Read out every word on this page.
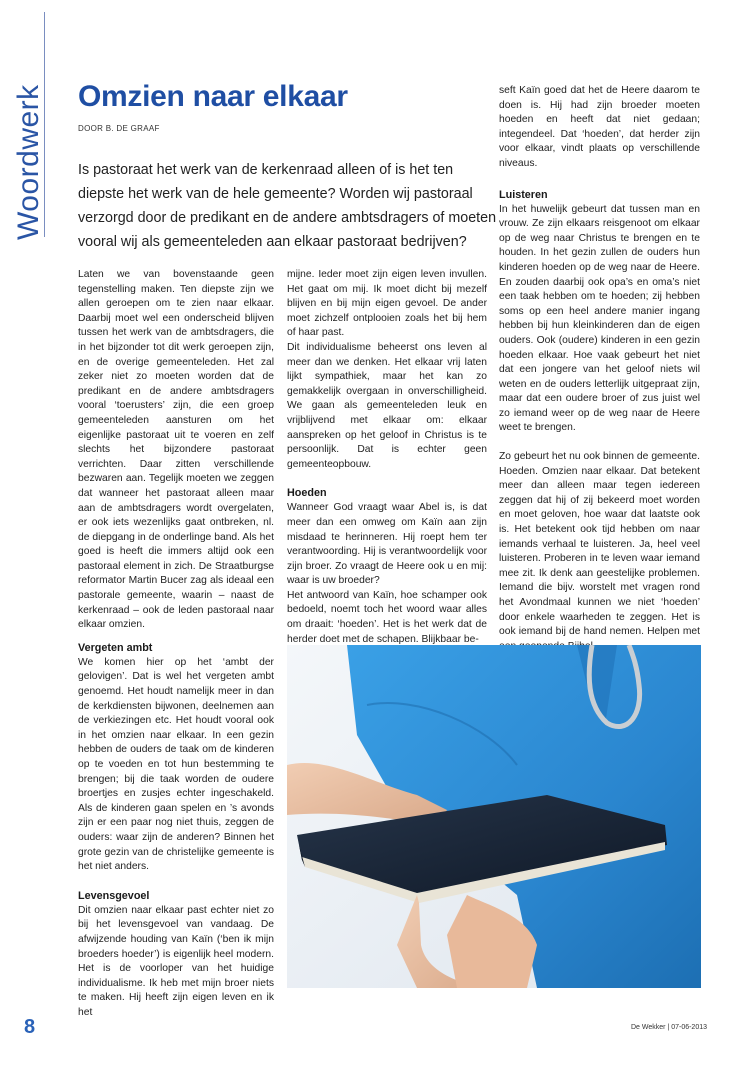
Woordwerk Omzien naar elkaar
DOOR B. DE GRAAF

Is pastoraat het werk van de kerkenraad alleen of is het ten diepste het werk van de hele gemeente? Worden wij pastoraal verzorgd door de predikant en de andere ambtsdragers of moeten vooral wij als gemeenteleden aan elkaar pastoraat bedrijven?

Laten we van bovenstaande geen tegenstelling maken. Ten diepste zijn we allen geroepen om te zien naar elkaar. Daarbij moet wel een onderscheid blijven tussen het werk van de ambtsdragers, die in het bijzonder tot dit werk geroepen zijn, en de overige gemeenteleden. Het zal zeker niet zo moeten worden dat de predikant en de andere ambtsdragers vooral ‘toerusters’ zijn, die een groep gemeenteleden aansturen om het eigenlijke pastoraat uit te voeren en zelf slechts het bijzondere pastoraat verrichten. Daar zitten verschillende bezwaren aan. Tegelijk moeten we zeggen dat wanneer het pastoraat alleen maar aan de ambtsdragers wordt overgelaten, er ook iets wezenlijks gaat ontbreken, nl. de diepgang in de onderlinge band. Als het goed is heeft die immers altijd ook een pastoraal element in zich. De Straatburgse reformator Martin Bucer zag als ideaal een pastorale gemeente, waarin – naast de kerkenraad – ook de leden pastoraal naar elkaar omzien.

Vergeten ambt

We komen hier op het ‘ambt der gelovigen’. Dat is wel het vergeten ambt genoemd. Het houdt namelijk meer in dan de kerkdiensten bijwonen, deelnemen aan de verkiezingen etc. Het houdt vooral ook in het omzien naar elkaar. In een gezin hebben de ouders de taak om de kinderen op te voeden en tot hun bestemming te brengen; bij die taak worden de oudere broertjes en zusjes echter ingeschakeld. Als de kinderen gaan spelen en ’s avonds zijn er een paar nog niet thuis, zeggen de ouders: waar zijn de anderen? Binnen het grote gezin van de christelijke gemeente is het niet anders.

Levensgevoel

Dit omzien naar elkaar past echter niet zo bij het levensgevoel van vandaag. De afwijzende houding van Kaïn (‘ben ik mijn broeders hoeder’) is eigenlijk heel modern. Het is de voorloper van het huidige individualisme. Ik heb met mijn broer niets te maken. Hij heeft zijn eigen leven en ik het

mijne. Ieder moet zijn eigen leven invullen. Het gaat om mij. Ik moet dicht bij mezelf blijven en bij mijn eigen gevoel. De ander moet zichzelf ontplooien zoals het bij hem of haar past.

Dit individualisme beheerst ons leven al meer dan we denken. Het elkaar vrij laten lijkt sympathiek, maar het kan zo gemakkelijk overgaan in onverschilligheid. We gaan als gemeenteleden leuk en vrijblijvend met elkaar om: elkaar aanspreken op het geloof in Christus is te persoonlijk. Dat is echter geen gemeenteopbouw.

Hoeden

Wanneer God vraagt waar Abel is, is dat meer dan een omweg om Kaïn aan zijn misdaad te herinneren. Hij roept hem ter verantwoording. Hij is verantwoordelijk voor zijn broer. Zo vraagt de Heere ook u en mij: waar is uw broeder?

Het antwoord van Kaïn, hoe schamper ook bedoeld, noemt toch het woord waar alles om draait: ‘hoeden’. Het is het werk dat de herder doet met de schapen. Blijkbaar be-

seft Kaïn goed dat het de Heere daarom te doen is. Hij had zijn broeder moeten hoeden en heeft dat niet gedaan; integendeel. Dat ‘hoeden’, dat herder zijn voor elkaar, vindt plaats op verschillende niveaus.

Luisteren

In het huwelijk gebeurt dat tussen man en vrouw. Ze zijn elkaars reisgenoot om elkaar op de weg naar Christus te brengen en te houden. In het gezin zullen de ouders hun kinderen hoeden op de weg naar de Heere. En zouden daarbij ook opa’s en oma’s niet een taak hebben om te hoeden; zij hebben soms op een heel andere manier ingang hebben bij hun kleinkinderen dan de eigen ouders. Ook (oudere) kinderen in een gezin hoeden elkaar. Hoe vaak gebeurt het niet dat een jongere van het geloof niets wil weten en de ouders letterlijk uitgepraat zijn, maar dat een oudere broer of zus juist wel zo iemand weer op de weg naar de Heere weet te brengen.

Zo gebeurt het nu ook binnen de gemeente. Hoeden. Omzien naar elkaar. Dat betekent meer dan alleen maar tegen iedereen zeggen dat hij of zij bekeerd moet worden en moet geloven, hoe waar dat laatste ook is. Het betekent ook tijd hebben om naar iemands verhaal te luisteren. Ja, heel veel luisteren. Proberen in te leven waar iemand mee zit. Ik denk aan geestelijke problemen. Iemand die bijv. worstelt met vragen rond het Avondmaal kunnen we niet ‘hoeden’ door enkele waarheden te zeggen. Het is ook iemand bij de hand nemen. Helpen met

8	De Wekker | 07-06-2013
